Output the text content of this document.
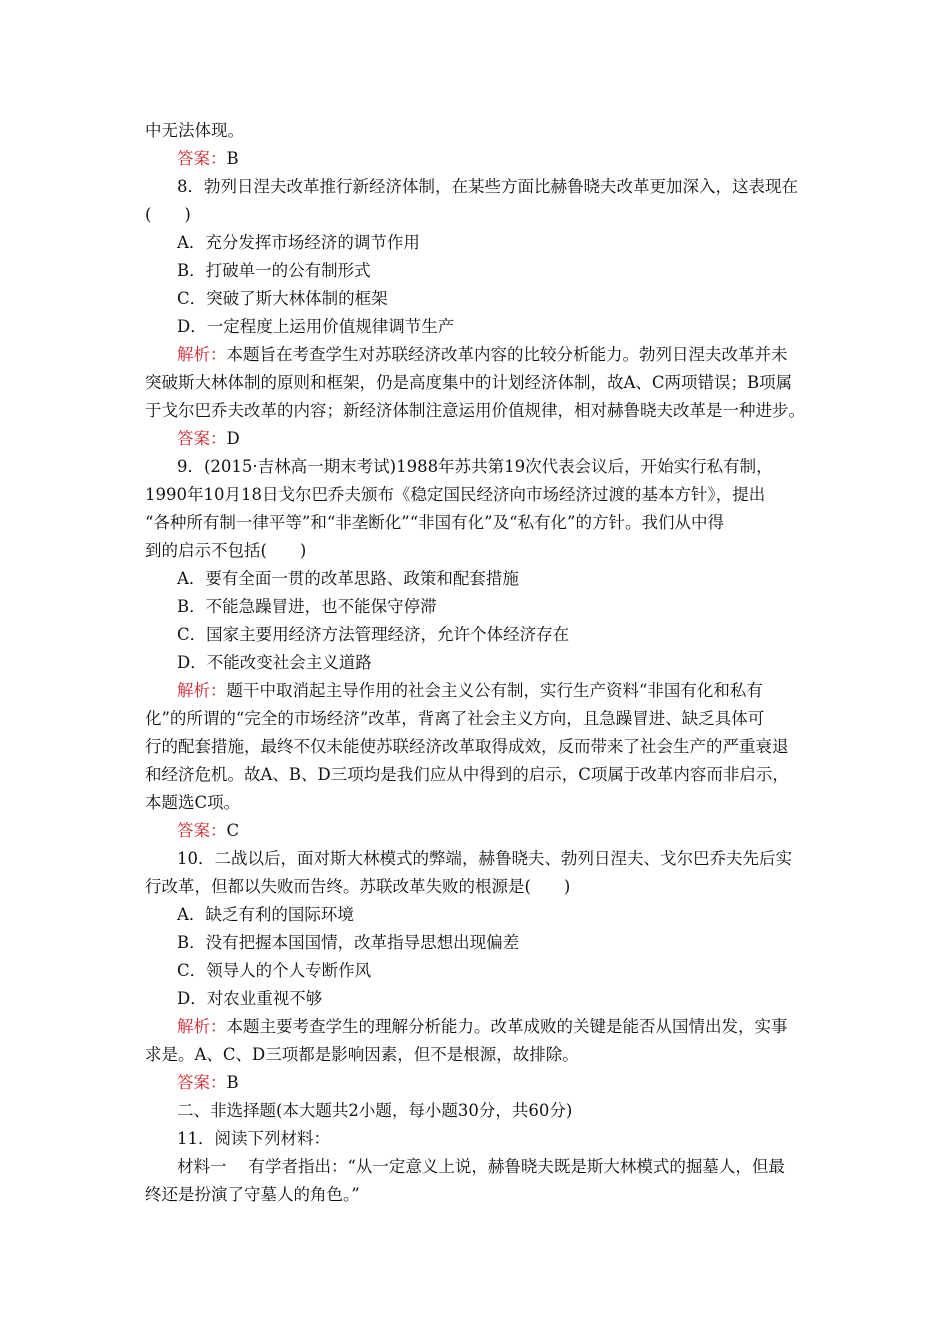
中无法体现。
答案：B
8．勃列日涅夫改革推行新经济体制，在某些方面比赫鲁晓夫改革更加深入，这表现在
(　　)
A．充分发挥市场经济的调节作用
B．打破单一的公有制形式
C．突破了斯大林体制的框架
D．一定程度上运用价值规律调节生产
解析：本题旨在考查学生对苏联经济改革内容的比较分析能力。勃列日涅夫改革并未
突破斯大林体制的原则和框架，仍是高度集中的计划经济体制，故A、C两项错误；B项属
于戈尔巴乔夫改革的内容；新经济体制注意运用价值规律，相对赫鲁晓夫改革是一种进步。
答案：D
9．(2015·吉林高一期末考试)1988年苏共第19次代表会议后，开始实行私有制，
1990年10月18日戈尔巴乔夫颁布《稳定国民经济向市场经济过渡的基本方针》，提出
“各种所有制一律平等”和“非垄断化”“非国有化”及“私有化”的方针。我们从中得
到的启示不包括(　　)
A．要有全面一贯的改革思路、政策和配套措施
B．不能急躁冒进，也不能保守停滞
C．国家主要用经济方法管理经济，允许个体经济存在
D．不能改变社会主义道路
解析：题干中取消起主导作用的社会主义公有制，实行生产资料“非国有化和私有
化”的所谓的“完全的市场经济”改革，背离了社会主义方向，且急躁冒进、缺乏具体可
行的配套措施，最终不仅未能使苏联经济改革取得成效，反而带来了社会生产的严重衰退
和经济危机。故A、B、D三项均是我们应从中得到的启示，C项属于改革内容而非启示，
本题选C项。
答案：C
10．二战以后，面对斯大林模式的弊端，赫鲁晓夫、勃列日涅夫、戈尔巴乔夫先后实
行改革，但都以失败而告终。苏联改革失败的根源是(　　)
A．缺乏有利的国际环境
B．没有把握本国国情，改革指导思想出现偏差
C．领导人的个人专断作风
D．对农业重视不够
解析：本题主要考查学生的理解分析能力。改革成败的关键是能否从国情出发，实事
求是。A、C、D三项都是影响因素，但不是根源，故排除。
答案：B
二、非选择题(本大题共2小题，每小题30分，共60分)
11．阅读下列材料：
材料一 有学者指出：“从一定意义上说，赫鲁晓夫既是斯大林模式的掘墓人，但最
终还是扮演了守墓人的角色。”
